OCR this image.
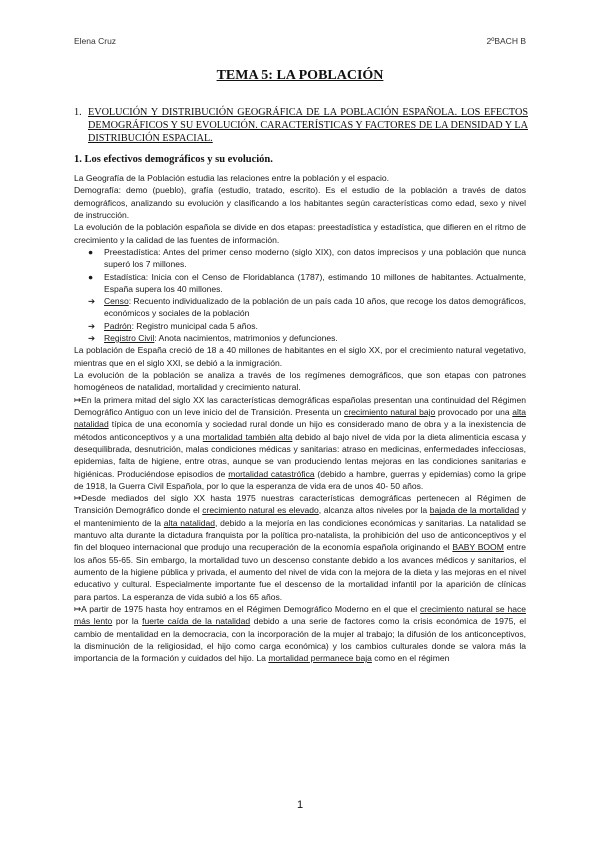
Elena Cruz	2ºBACH B
TEMA 5: LA POBLACIÓN
1. EVOLUCIÓN Y DISTRIBUCIÓN GEOGRÁFICA DE LA POBLACIÓN ESPAÑOLA. LOS EFECTOS DEMOGRÁFICOS Y SU EVOLUCIÓN. CARACTERÍSTICAS Y FACTORES DE LA DENSIDAD Y LA DISTRIBUCIÓN ESPACIAL.
1. Los efectivos demográficos y su evolución.

La Geografía de la Población estudia las relaciones entre la población y el espacio.

Demografía: demo (pueblo), grafía (estudio, tratado, escrito). Es el estudio de la población a través de datos demográficos, analizando su evolución y clasificando a los habitantes según características como edad, sexo y nivel de instrucción.

La evolución de la población española se divide en dos etapas: preestadística y estadística, que difieren en el ritmo de crecimiento y la calidad de las fuentes de información.

● Preestadística: Antes del primer censo moderno (siglo XIX), con datos imprecisos y una población que nunca superó los 7 millones.

● Estadística: Inicia con el Censo de Floridablanca (1787), estimando 10 millones de habitantes. Actualmente, España supera los 40 millones.

➔ Censo: Recuento individualizado de la población de un país cada 10 años, que recoge los datos demográficos, económicos y sociales de la población

➔ Padrón: Registro municipal cada 5 años.

➔ Registro Civil: Anota nacimientos, matrimonios y defunciones.

La población de España creció de 18 a 40 millones de habitantes en el siglo XX, por el crecimiento natural vegetativo, mientras que en el siglo XXI, se debió a la inmigración.

La evolución de la población se analiza a través de los regímenes demográficos, que son etapas con patrones homogéneos de natalidad, mortalidad y crecimiento natural.

↦En la primera mitad del siglo XX las características demográficas españolas presentan una continuidad del Régimen Demográfico Antiguo con un leve inicio del de Transición. Presenta un crecimiento natural bajo provocado por una alta natalidad típica de una economía y sociedad rural donde un hijo es considerado mano de obra y a la inexistencia de métodos anticonceptivos y a una mortalidad también alta debido al bajo nivel de vida por la dieta alimenticia escasa y desequilibrada, desnutrición, malas condiciones médicas y sanitarias: atraso en medicinas, enfermedades infecciosas, epidemias, falta de higiene, entre otras, aunque se van produciendo lentas mejoras en las condiciones sanitarias e higiénicas. Produciéndose episodios de mortalidad catastrófica (debido a hambre, guerras y epidemias) como la gripe de 1918, la Guerra Civil Española, por lo que la esperanza de vida era de unos 40- 50 años.

↦Desde mediados del siglo XX hasta 1975 nuestras características demográficas pertenecen al Régimen de Transición Demográfico donde el crecimiento natural es elevado, alcanza altos niveles por la bajada de la mortalidad y el mantenimiento de la alta natalidad, debido a la mejoría en las condiciones económicas y sanitarias. La natalidad se mantuvo alta durante la dictadura franquista por la política pro-natalista, la prohibición del uso de anticonceptivos y el fin del bloqueo internacional que produjo una recuperación de la economía española originando el BABY BOOM entre los años 55-65. Sin embargo, la mortalidad tuvo un descenso constante debido a los avances médicos y sanitarios, el aumento de la higiene pública y privada, el aumento del nivel de vida con la mejora de la dieta y las mejoras en el nivel educativo y cultural. Especialmente importante fue el descenso de la mortalidad infantil por la aparición de clínicas para partos. La esperanza de vida subió a los 65 años.

↦A partir de 1975 hasta hoy entramos en el Régimen Demográfico Moderno en el que el crecimiento natural se hace más lento por la fuerte caída de la natalidad debido a una serie de factores como la crisis económica de 1975, el cambio de mentalidad en la democracia, con la incorporación de la mujer al trabajo; la difusión de los anticonceptivos, la disminución de la religiosidad, el hijo como carga económica) y los cambios culturales donde se valora más la importancia de la formación y cuidados del hijo. La mortalidad permanece baja como en el régimen

1
